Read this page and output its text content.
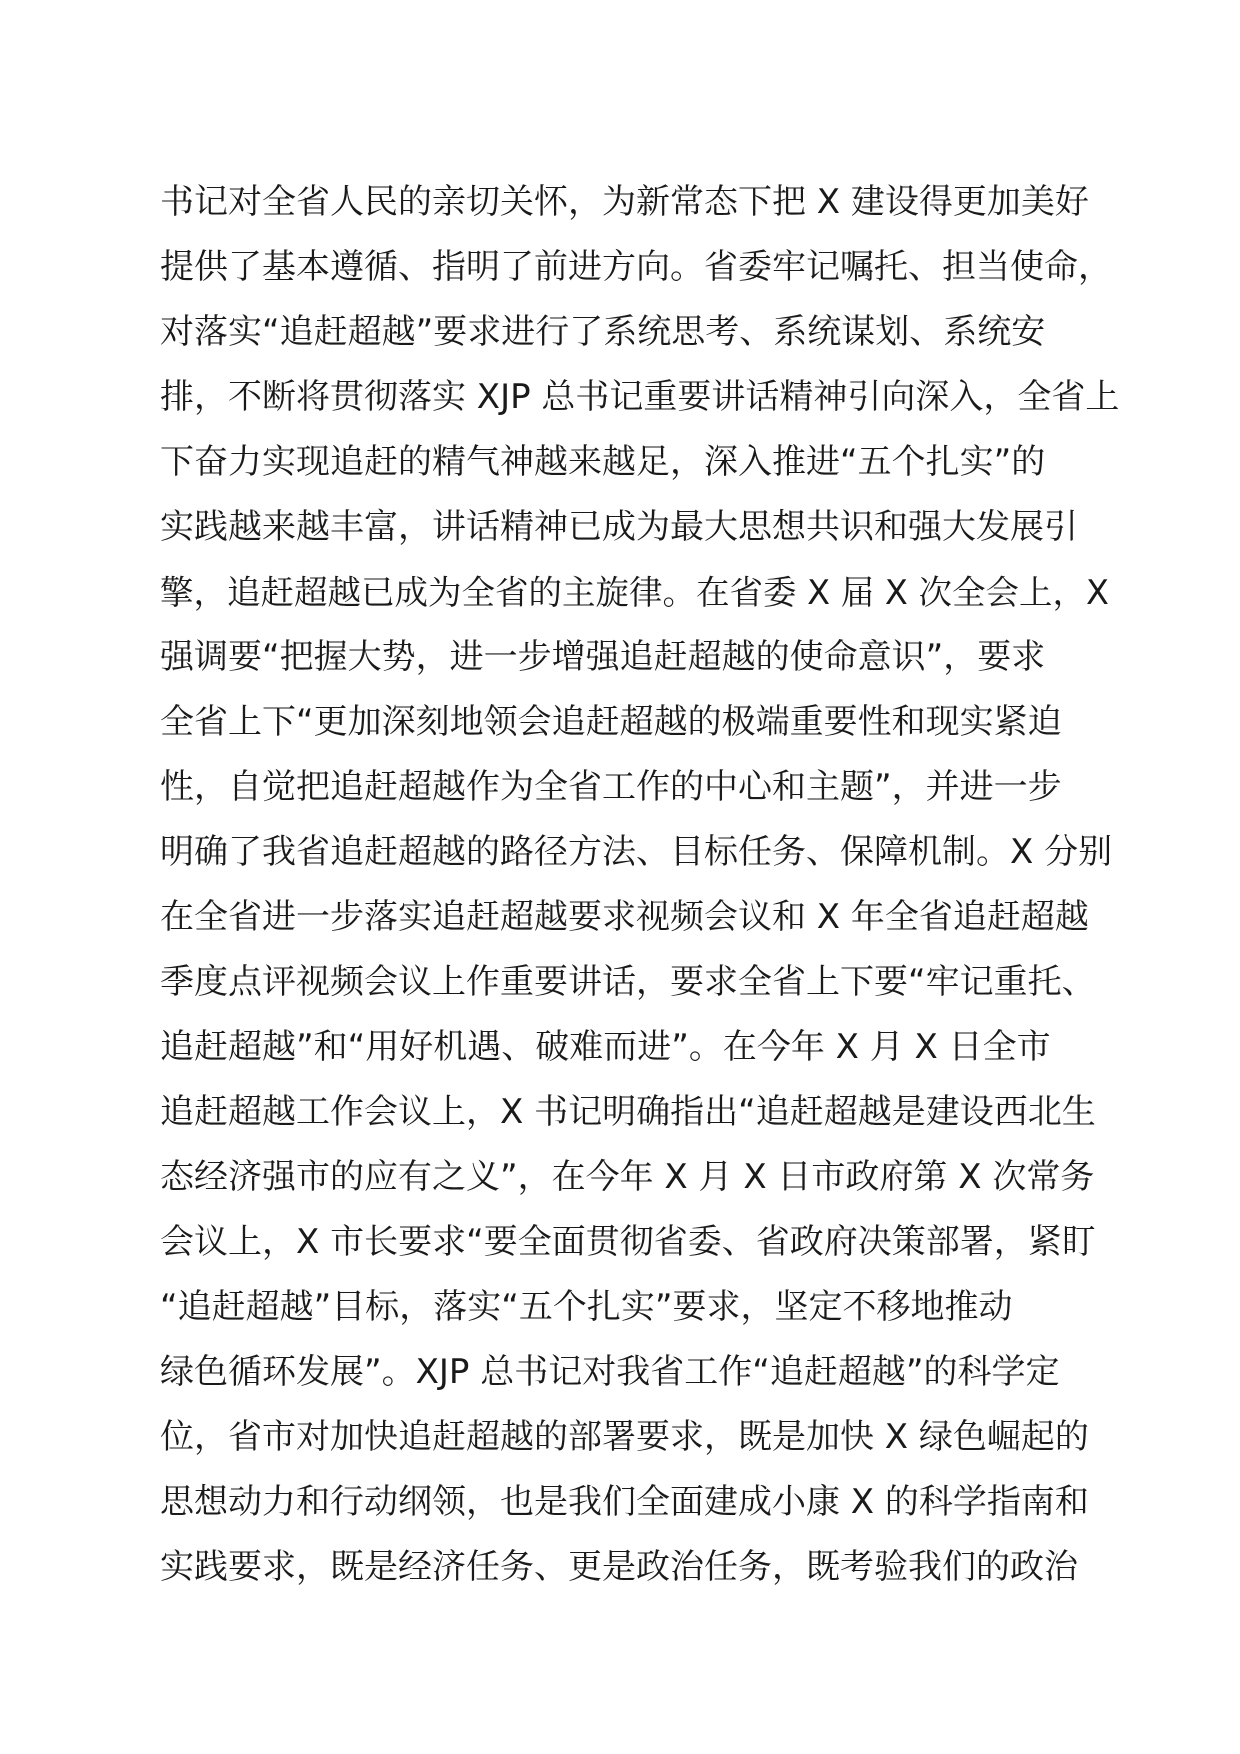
书记对全省人民的亲切关怀，为新常态下把 X 建设得更加美好
提供了基本遵循、指明了前进方向。省委牢记嘱托、担当使命，
对落实“追赶超越”要求进行了系统思考、系统谋划、系统安
排，不断将贯彻落实 XJP 总书记重要讲话精神引向深入，全省上
下奋力实现追赶的精气神越来越足，深入推进“五个扎实”的
实践越来越丰富，讲话精神已成为最大思想共识和强大发展引
擎，追赶超越已成为全省的主旋律。在省委 X 届 X 次全会上，X
强调要“把握大势，进一步增强追赶超越的使命意识”，要求
全省上下“更加深刻地领会追赶超越的极端重要性和现实紧迫
性，自觉把追赶超越作为全省工作的中心和主题”，并进一步
明确了我省追赶超越的路径方法、目标任务、保障机制。X 分别
在全省进一步落实追赶超越要求视频会议和 X 年全省追赶超越
季度点评视频会议上作重要讲话，要求全省上下要“牢记重托、
追赶超越”和“用好机遇、破难而进”。在今年 X 月 X 日全市
追赶超越工作会议上，X 书记明确指出“追赶超越是建设西北生
态经济强市的应有之义”，在今年 X 月 X 日市政府第 X 次常务
会议上，X 市长要求“要全面贯彻省委、省政府决策部署，紧盯
“追赶超越”目标，落实“五个扎实”要求，坚定不移地推动
绿色循环发展”。XJP 总书记对我省工作“追赶超越”的科学定
位，省市对加快追赶超越的部署要求，既是加快 X 绿色崛起的
思想动力和行动纲领，也是我们全面建成小康 X 的科学指南和
实践要求，既是经济任务、更是政治任务，既考验我们的政治
